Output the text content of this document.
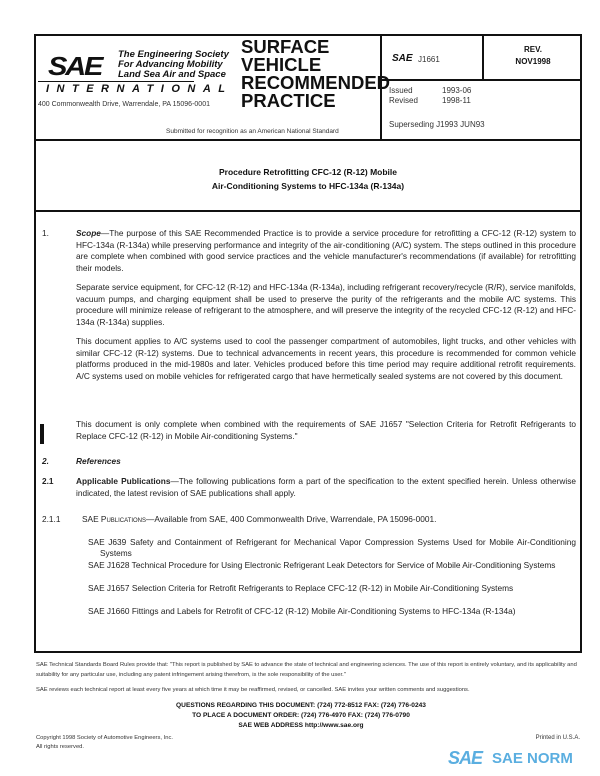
SAE The Engineering Society
For Advancing Mobility
Land Sea Air and Space
INTERNATIONAL
400 Commonwealth Drive, Warrendale, PA 15096-0001
SURFACE
VEHICLE
RECOMMENDED
PRACTICE
Submitted for recognition as an American National Standard
SAE J1661
REV.
NOV1998
Issued	1993-06
Revised	1998-11
Superseding J1993 JUN93
Procedure Retrofitting CFC-12 (R-12) Mobile
Air-Conditioning Systems to HFC-134a (R-134a)
1.	Scope—The purpose of this SAE Recommended Practice is to provide a service procedure for retrofitting a CFC-12 (R-12) system to HFC-134a (R-134a) while preserving performance and integrity of the air-conditioning (A/C) system. The steps outlined in this procedure are complete when combined with good service practices and the vehicle manufacturer's recommendations (if available) for retrofitting their models.
Separate service equipment, for CFC-12 (R-12) and HFC-134a (R-134a), including refrigerant recovery/recycle (R/R), service manifolds, vacuum pumps, and charging equipment shall be used to preserve the purity of the refrigerants and the mobile A/C systems. This procedure will minimize release of refrigerant to the atmosphere, and will preserve the integrity of the recycled CFC-12 (R-12) and HFC-134a (R-134a) supplies.
This document applies to A/C systems used to cool the passenger compartment of automobiles, light trucks, and other vehicles with similar CFC-12 (R-12) systems. Due to technical advancements in recent years, this procedure is recommended for common vehicle platforms produced in the mid-1980s and later. Vehicles produced before this time period may require additional retrofit requirements. A/C systems used on mobile vehicles for refrigerated cargo that have hermetically sealed systems are not covered by this document.
This document is only complete when combined with the requirements of SAE J1657 "Selection Criteria for Retrofit Refrigerants to Replace CFC-12 (R-12) in Mobile Air-conditioning Systems."
2.	References
2.1	Applicable Publications—The following publications form a part of the specification to the extent specified herein. Unless otherwise indicated, the latest revision of SAE publications shall apply.
2.1.1	SAE Publications—Available from SAE, 400 Commonwealth Drive, Warrendale, PA 15096-0001.
SAE J639 Safety and Containment of Refrigerant for Mechanical Vapor Compression Systems Used for Mobile Air-Conditioning Systems
SAE J1628 Technical Procedure for Using Electronic Refrigerant Leak Detectors for Service of Mobile Air-Conditioning Systems
SAE J1657 Selection Criteria for Retrofit Refrigerants to Replace CFC-12 (R-12) in Mobile Air-Conditioning Systems
SAE J1660 Fittings and Labels for Retrofit of CFC-12 (R-12) Mobile Air-Conditioning Systems to HFC-134a (R-134a)
SAE Technical Standards Board Rules provide that: "This report is published by SAE to advance the state of technical and engineering sciences. The use of this report is entirely voluntary, and its applicability and suitability for any particular use, including any patent infringement arising therefrom, is the sole responsibility of the user."
SAE reviews each technical report at least every five years at which time it may be reaffirmed, revised, or cancelled. SAE invites your written comments and suggestions.
QUESTIONS REGARDING THIS DOCUMENT: (724) 772-8512 FAX: (724) 776-0243
TO PLACE A DOCUMENT ORDER: (724) 776-4970 FAX: (724) 776-0790
SAE WEB ADDRESS http://www.sae.org
Copyright 1998 Society of Automotive Engineers, Inc.
All rights reserved.
Printed in U.S.A.
SAE SAE NORM
